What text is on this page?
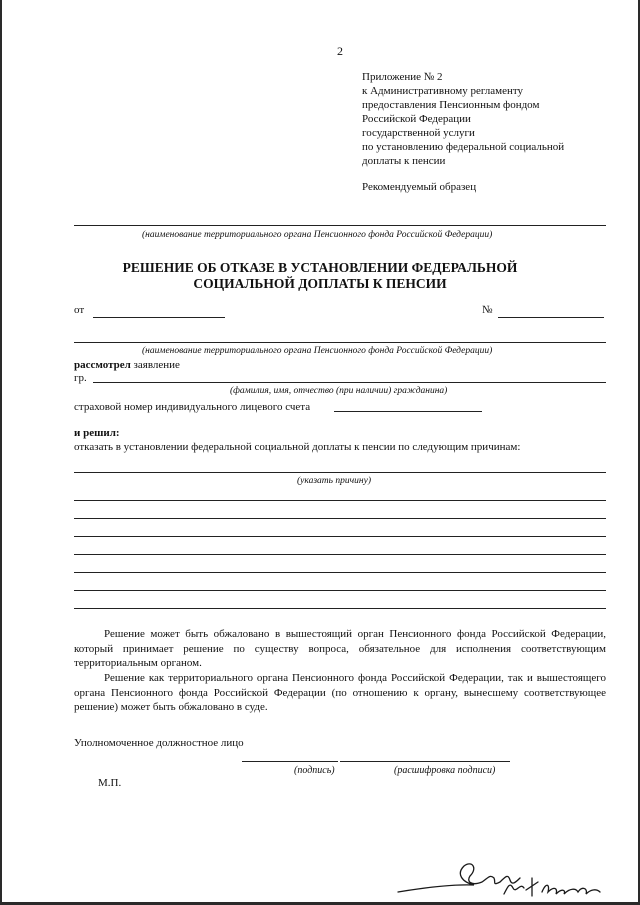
2
Приложение № 2
к Административному регламенту
предоставления Пенсионным фондом
Российской Федерации
государственной услуги
по установлению федеральной социальной
доплаты к пенсии
Рекомендуемый образец
(наименование территориального органа Пенсионного фонда Российской Федерации)
РЕШЕНИЕ ОБ ОТКАЗЕ В УСТАНОВЛЕНИИ ФЕДЕРАЛЬНОЙ
СОЦИАЛЬНОЙ ДОПЛАТЫ К ПЕНСИИ
от	№
(наименование территориального органа Пенсионного фонда Российской Федерации)
рассмотрел заявление
гр.
(фамилия, имя, отчество (при наличии) гражданина)
страховой номер индивидуального лицевого счета
и решил:
отказать в установлении федеральной социальной доплаты к пенсии по следующим причинам:
(указать причину)
Решение может быть обжаловано в вышестоящий орган Пенсионного фонда Российской Федерации, который принимает решение по существу вопроса, обязательное для исполнения соответствующим территориальным органом.
Решение как территориального органа Пенсионного фонда Российской Федерации, так и вышестоящего органа Пенсионного фонда Российской Федерации (по отношению к органу, вынесшему соответствующее решение) может быть обжаловано в суде.
Уполномоченное должностное лицо
(подпись)	(расшифровка подписи)
М.П.
